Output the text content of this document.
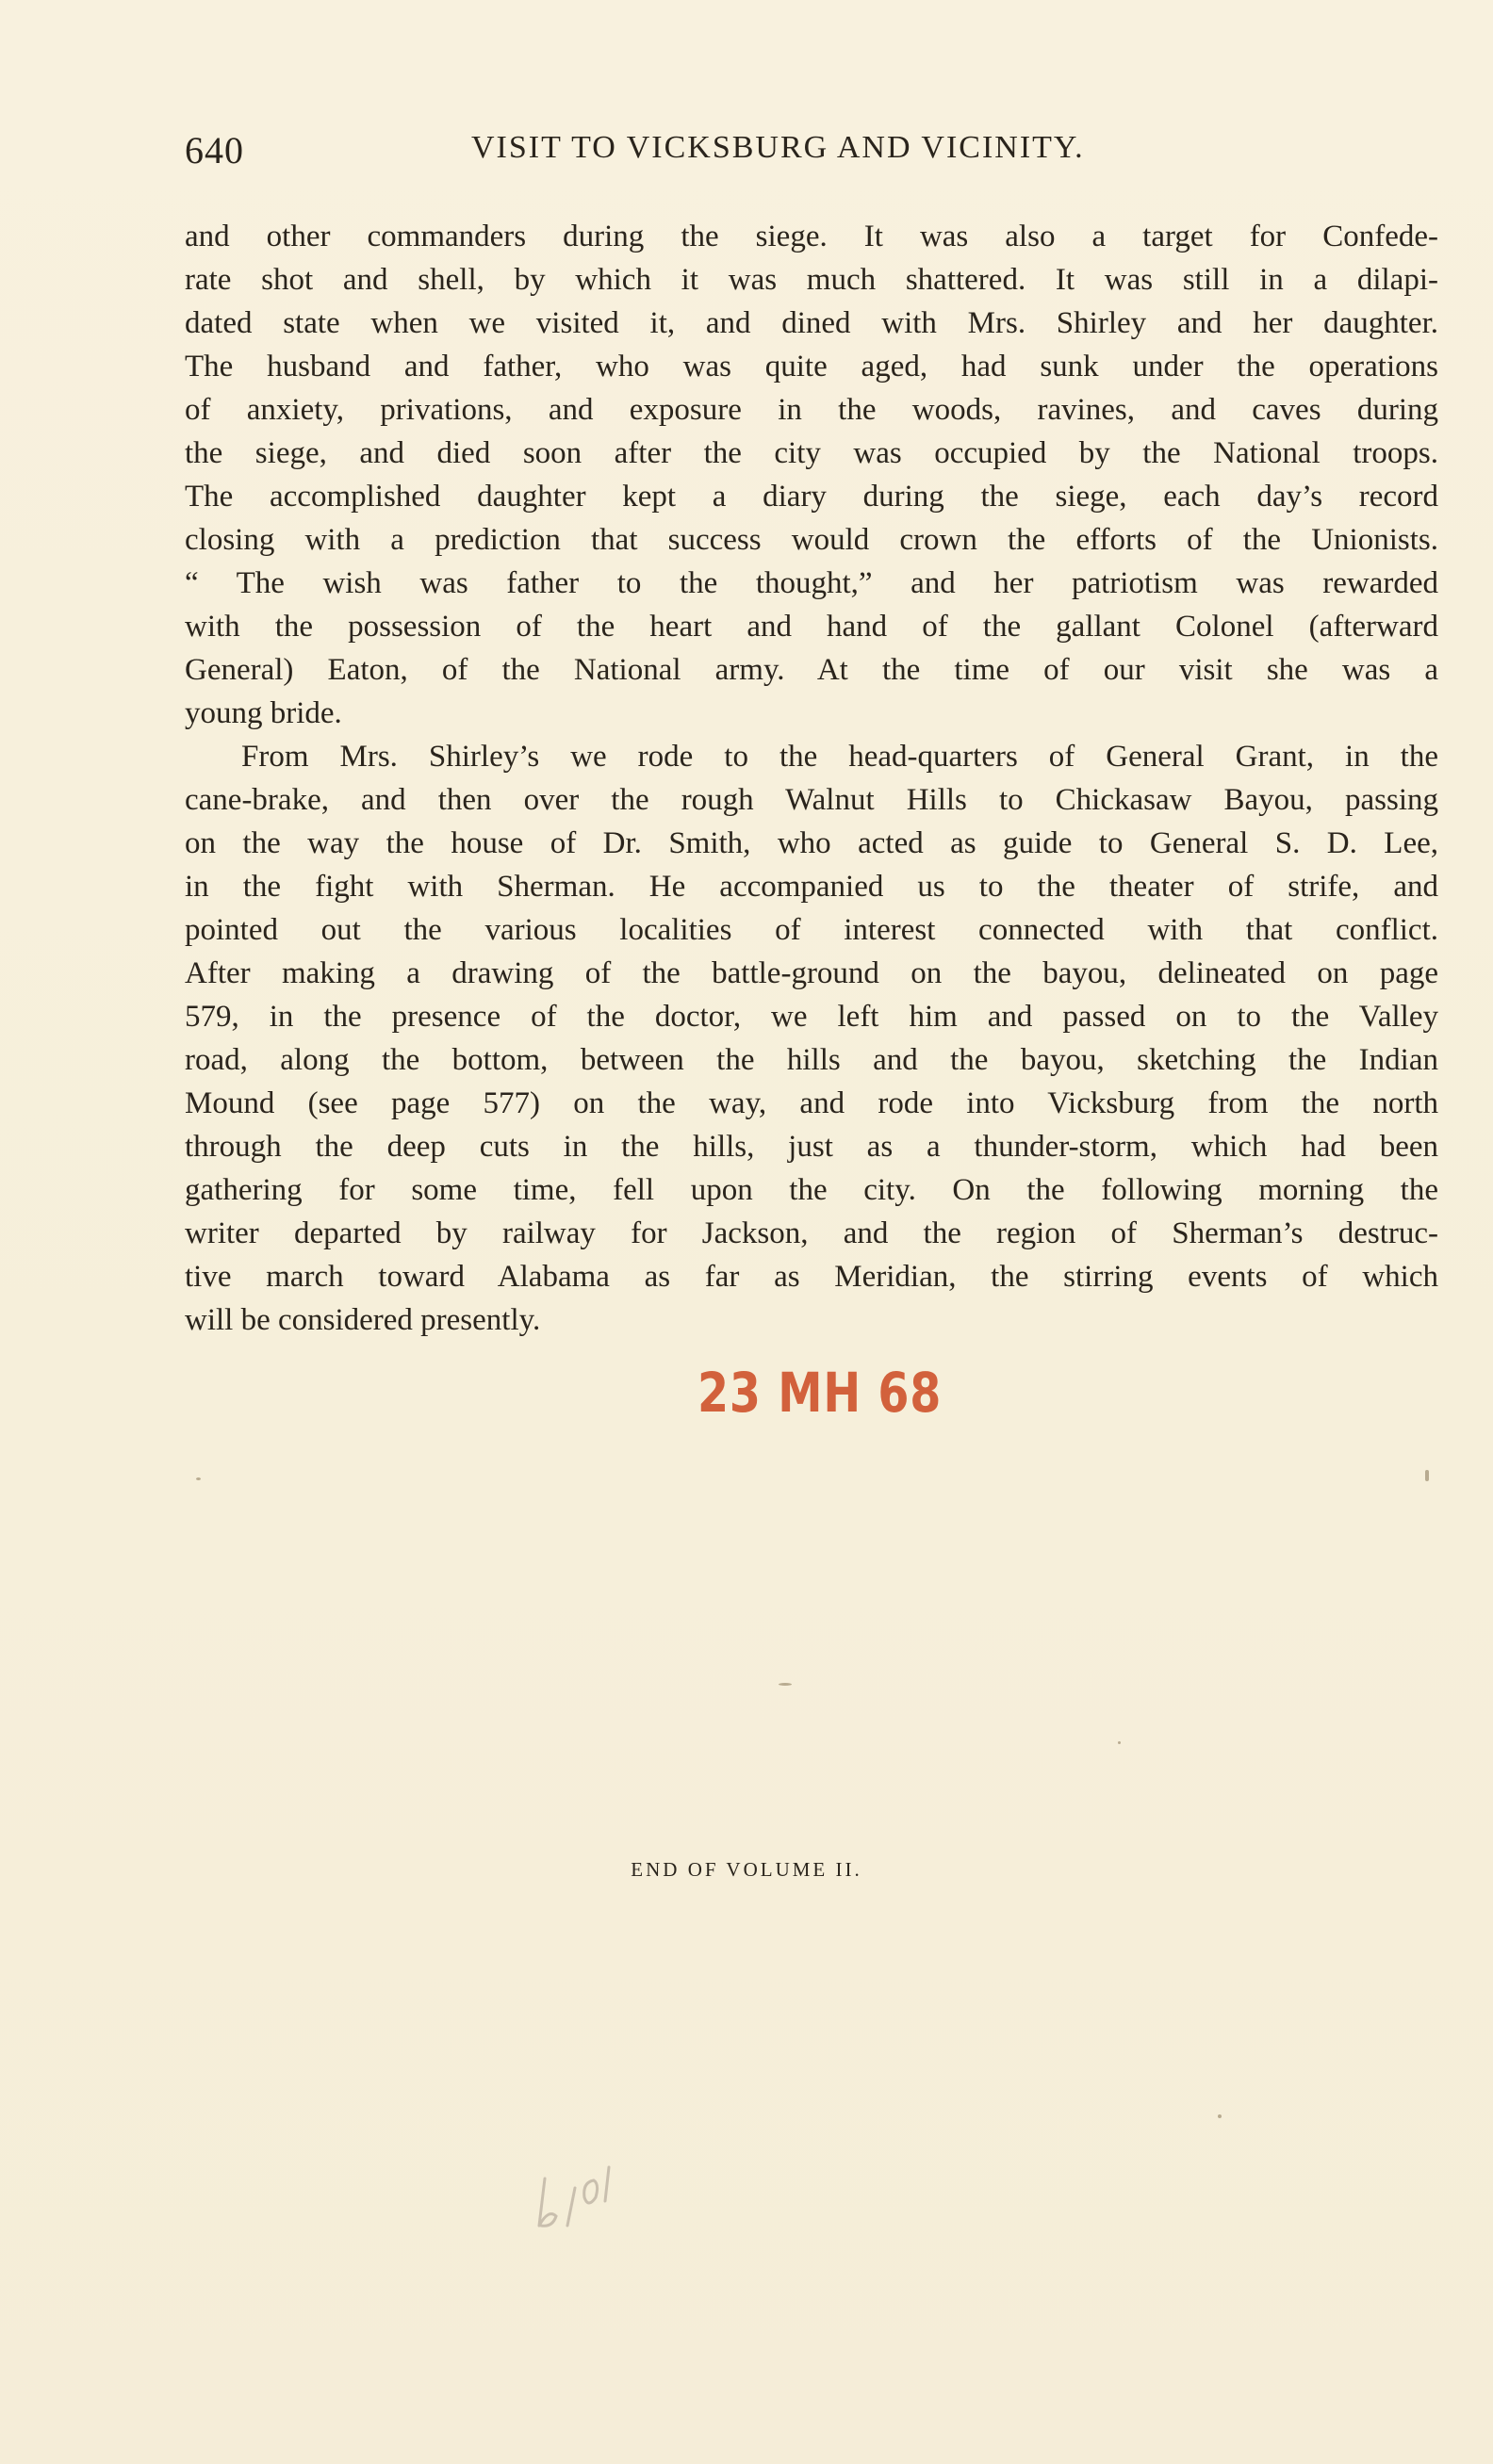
640	VISIT TO VICKSBURG AND VICINITY.
and other commanders during the siege. It was also a target for Confede-
rate shot and shell, by which it was much shattered. It was still in a dilapi-
dated state when we visited it, and dined with Mrs. Shirley and her daughter.
The husband and father, who was quite aged, had sunk under the operations
of anxiety, privations, and exposure in the woods, ravines, and caves during
the siege, and died soon after the city was occupied by the National troops.
The accomplished daughter kept a diary during the siege, each day’s record
closing with a prediction that success would crown the efforts of the Unionists.
“ The wish was father to the thought,” and her patriotism was rewarded
with the possession of the heart and hand of the gallant Colonel (afterward
General) Eaton, of the National army. At the time of our visit she was a
young bride.
From Mrs. Shirley’s we rode to the head-quarters of General Grant, in the
cane-brake, and then over the rough Walnut Hills to Chickasaw Bayou, passing
on the way the house of Dr. Smith, who acted as guide to General S. D. Lee,
in the fight with Sherman. He accompanied us to the theater of strife, and
pointed out the various localities of interest connected with that conflict.
After making a drawing of the battle-ground on the bayou, delineated on page
579, in the presence of the doctor, we left him and passed on to the Valley
road, along the bottom, between the hills and the bayou, sketching the Indian
Mound (see page 577) on the way, and rode into Vicksburg from the north
through the deep cuts in the hills, just as a thunder-storm, which had been
gathering for some time, fell upon the city. On the following morning the
writer departed by railway for Jackson, and the region of Sherman’s destruc-
tive march toward Alabama as far as Meridian, the stirring events of which
will be considered presently.
23 MH 68
END OF VOLUME II.
